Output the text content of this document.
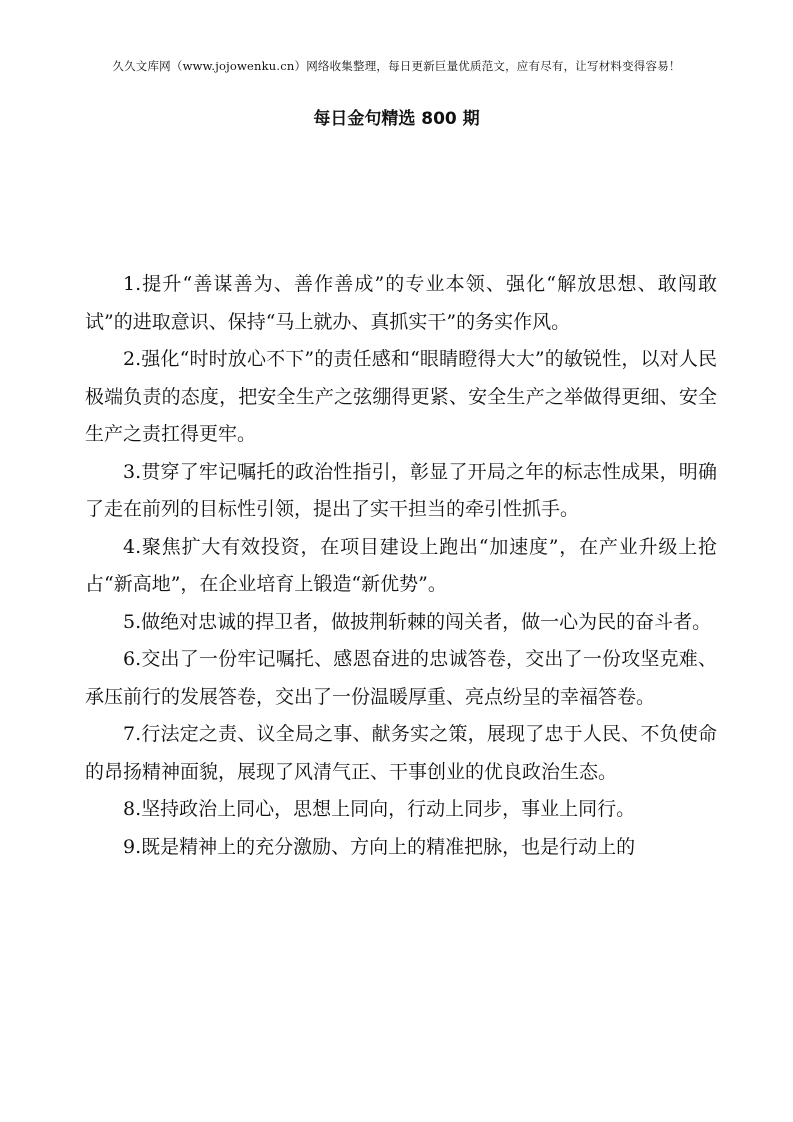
久久文库网（www.jojowenku.cn）网络收集整理，每日更新巨量优质范文，应有尽有，让写材料变得容易！
每日金句精选 800 期

1.提升“善谋善为、善作善成”的专业本领、强化“解放思想、敢闯敢试”的进取意识、保持“马上就办、真抓实干”的务实作风。

2.强化“时时放心不下”的责任感和“眼睛瞪得大大”的敏锐性，以对人民极端负责的态度，把安全生产之弦绷得更紧、安全生产之举做得更细、安全生产之责扛得更牢。

3.贯穿了牢记嘱托的政治性指引，彰显了开局之年的标志性成果，明确了走在前列的目标性引领，提出了实干担当的牵引性抓手。

4.聚焦扩大有效投资，在项目建设上跑出“加速度”，在产业升级上抢占“新高地”，在企业培育上锻造“新优势”。

5.做绝对忠诚的捍卫者，做披荆斩棘的闯关者，做一心为民的奋斗者。

6.交出了一份牢记嘱托、感恩奋进的忠诚答卷，交出了一份攻坚克难、承压前行的发展答卷，交出了一份温暖厚重、亮点纷呈的幸福答卷。

7.行法定之责、议全局之事、献务实之策，展现了忠于人民、不负使命的昂扬精神面貌，展现了风清气正、干事创业的优良政治生态。

8.坚持政治上同心，思想上同向，行动上同步，事业上同行。

9.既是精神上的充分激励、方向上的精准把脉，也是行动上的
